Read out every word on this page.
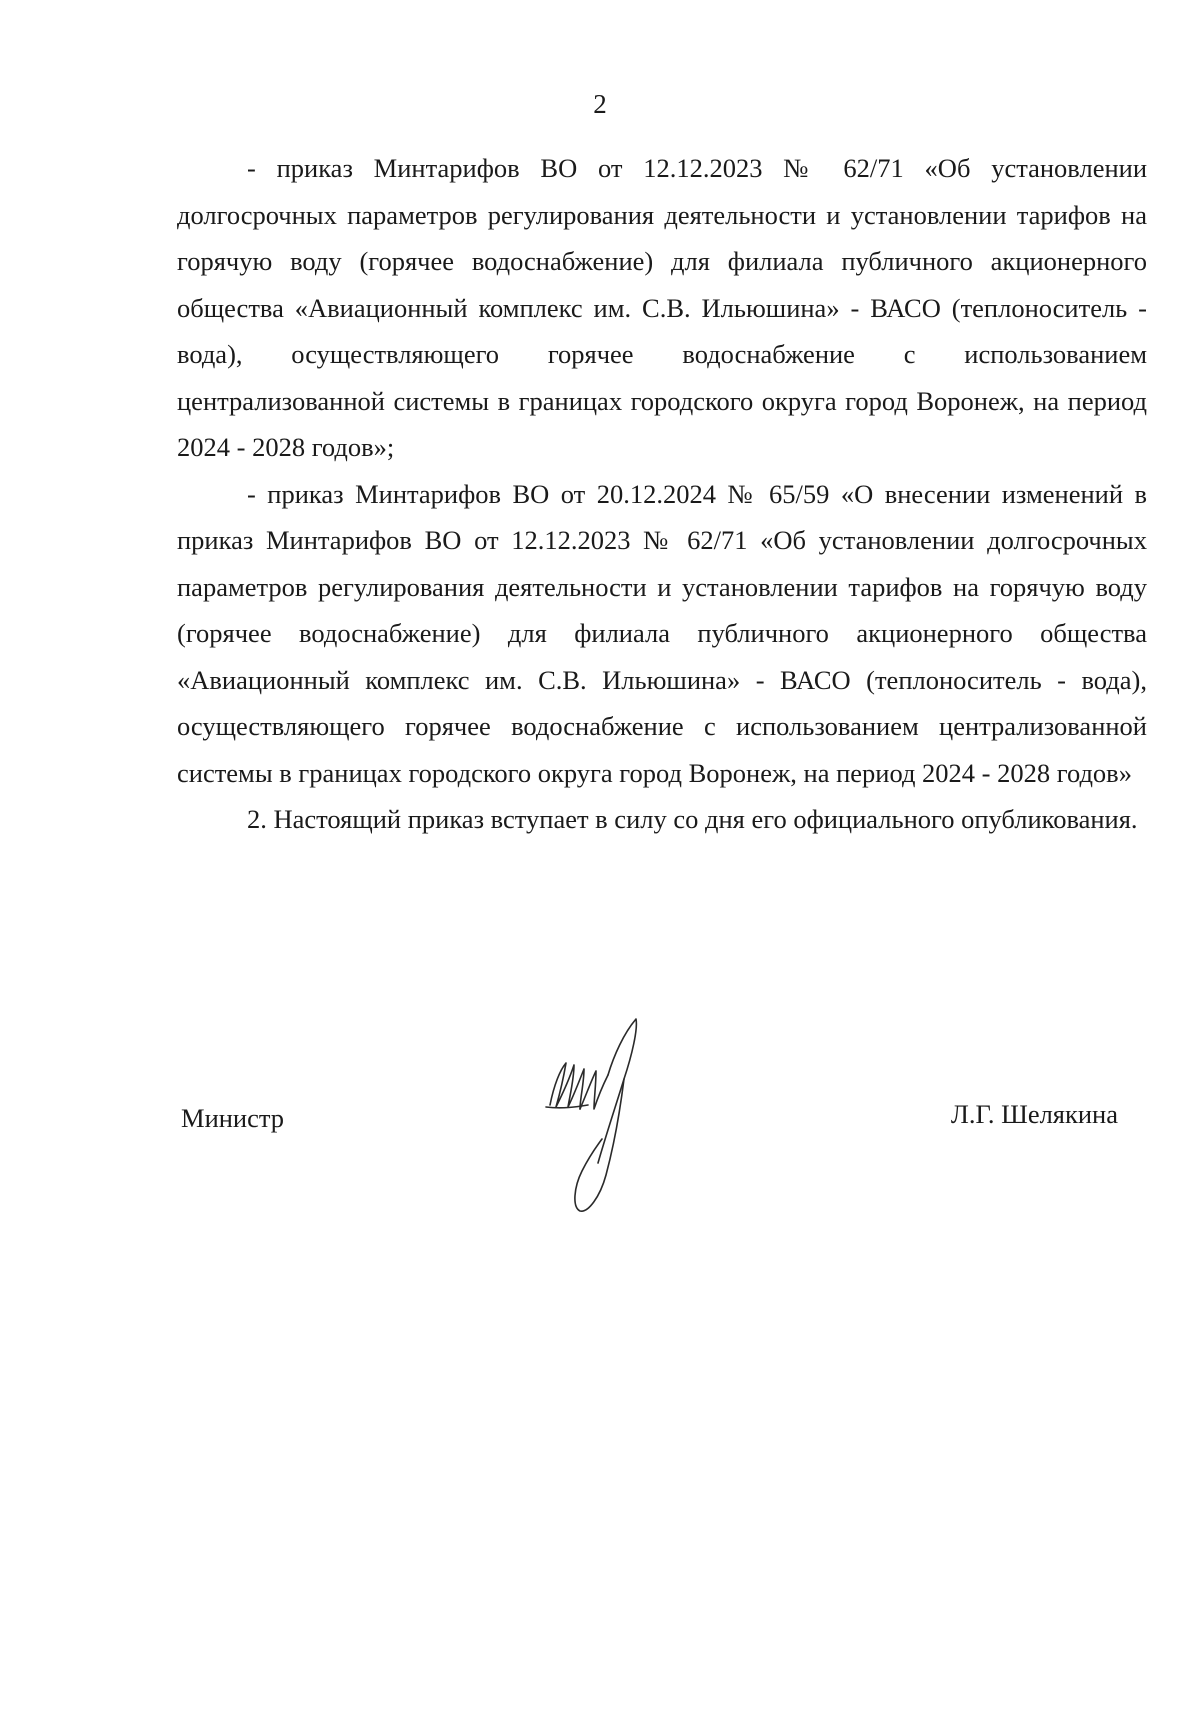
2

- приказ Минтарифов ВО от 12.12.2023 № 62/71 «Об установлении долгосрочных параметров регулирования деятельности и установлении тарифов на горячую воду (горячее водоснабжение) для филиала публичного акционерного общества «Авиационный комплекс им. С.В. Ильюшина» - ВАСО (теплоноситель - вода), осуществляющего горячее водоснабжение с использованием централизованной системы в границах городского округа город Воронеж, на период 2024 - 2028 годов»;

- приказ Минтарифов ВО от 20.12.2024 № 65/59 «О внесении изменений в приказ Минтарифов ВО от 12.12.2023 № 62/71 «Об установлении долгосрочных параметров регулирования деятельности и установлении тарифов на горячую воду (горячее водоснабжение) для филиала публичного акционерного общества «Авиационный комплекс им. С.В. Ильюшина» - ВАСО (теплоноситель - вода), осуществляющего горячее водоснабжение с использованием централизованной системы в границах городского округа город Воронеж, на период 2024 - 2028 годов»

2. Настоящий приказ вступает в силу со дня его официального опубликования.

Министр	Л.Г. Шелякина
